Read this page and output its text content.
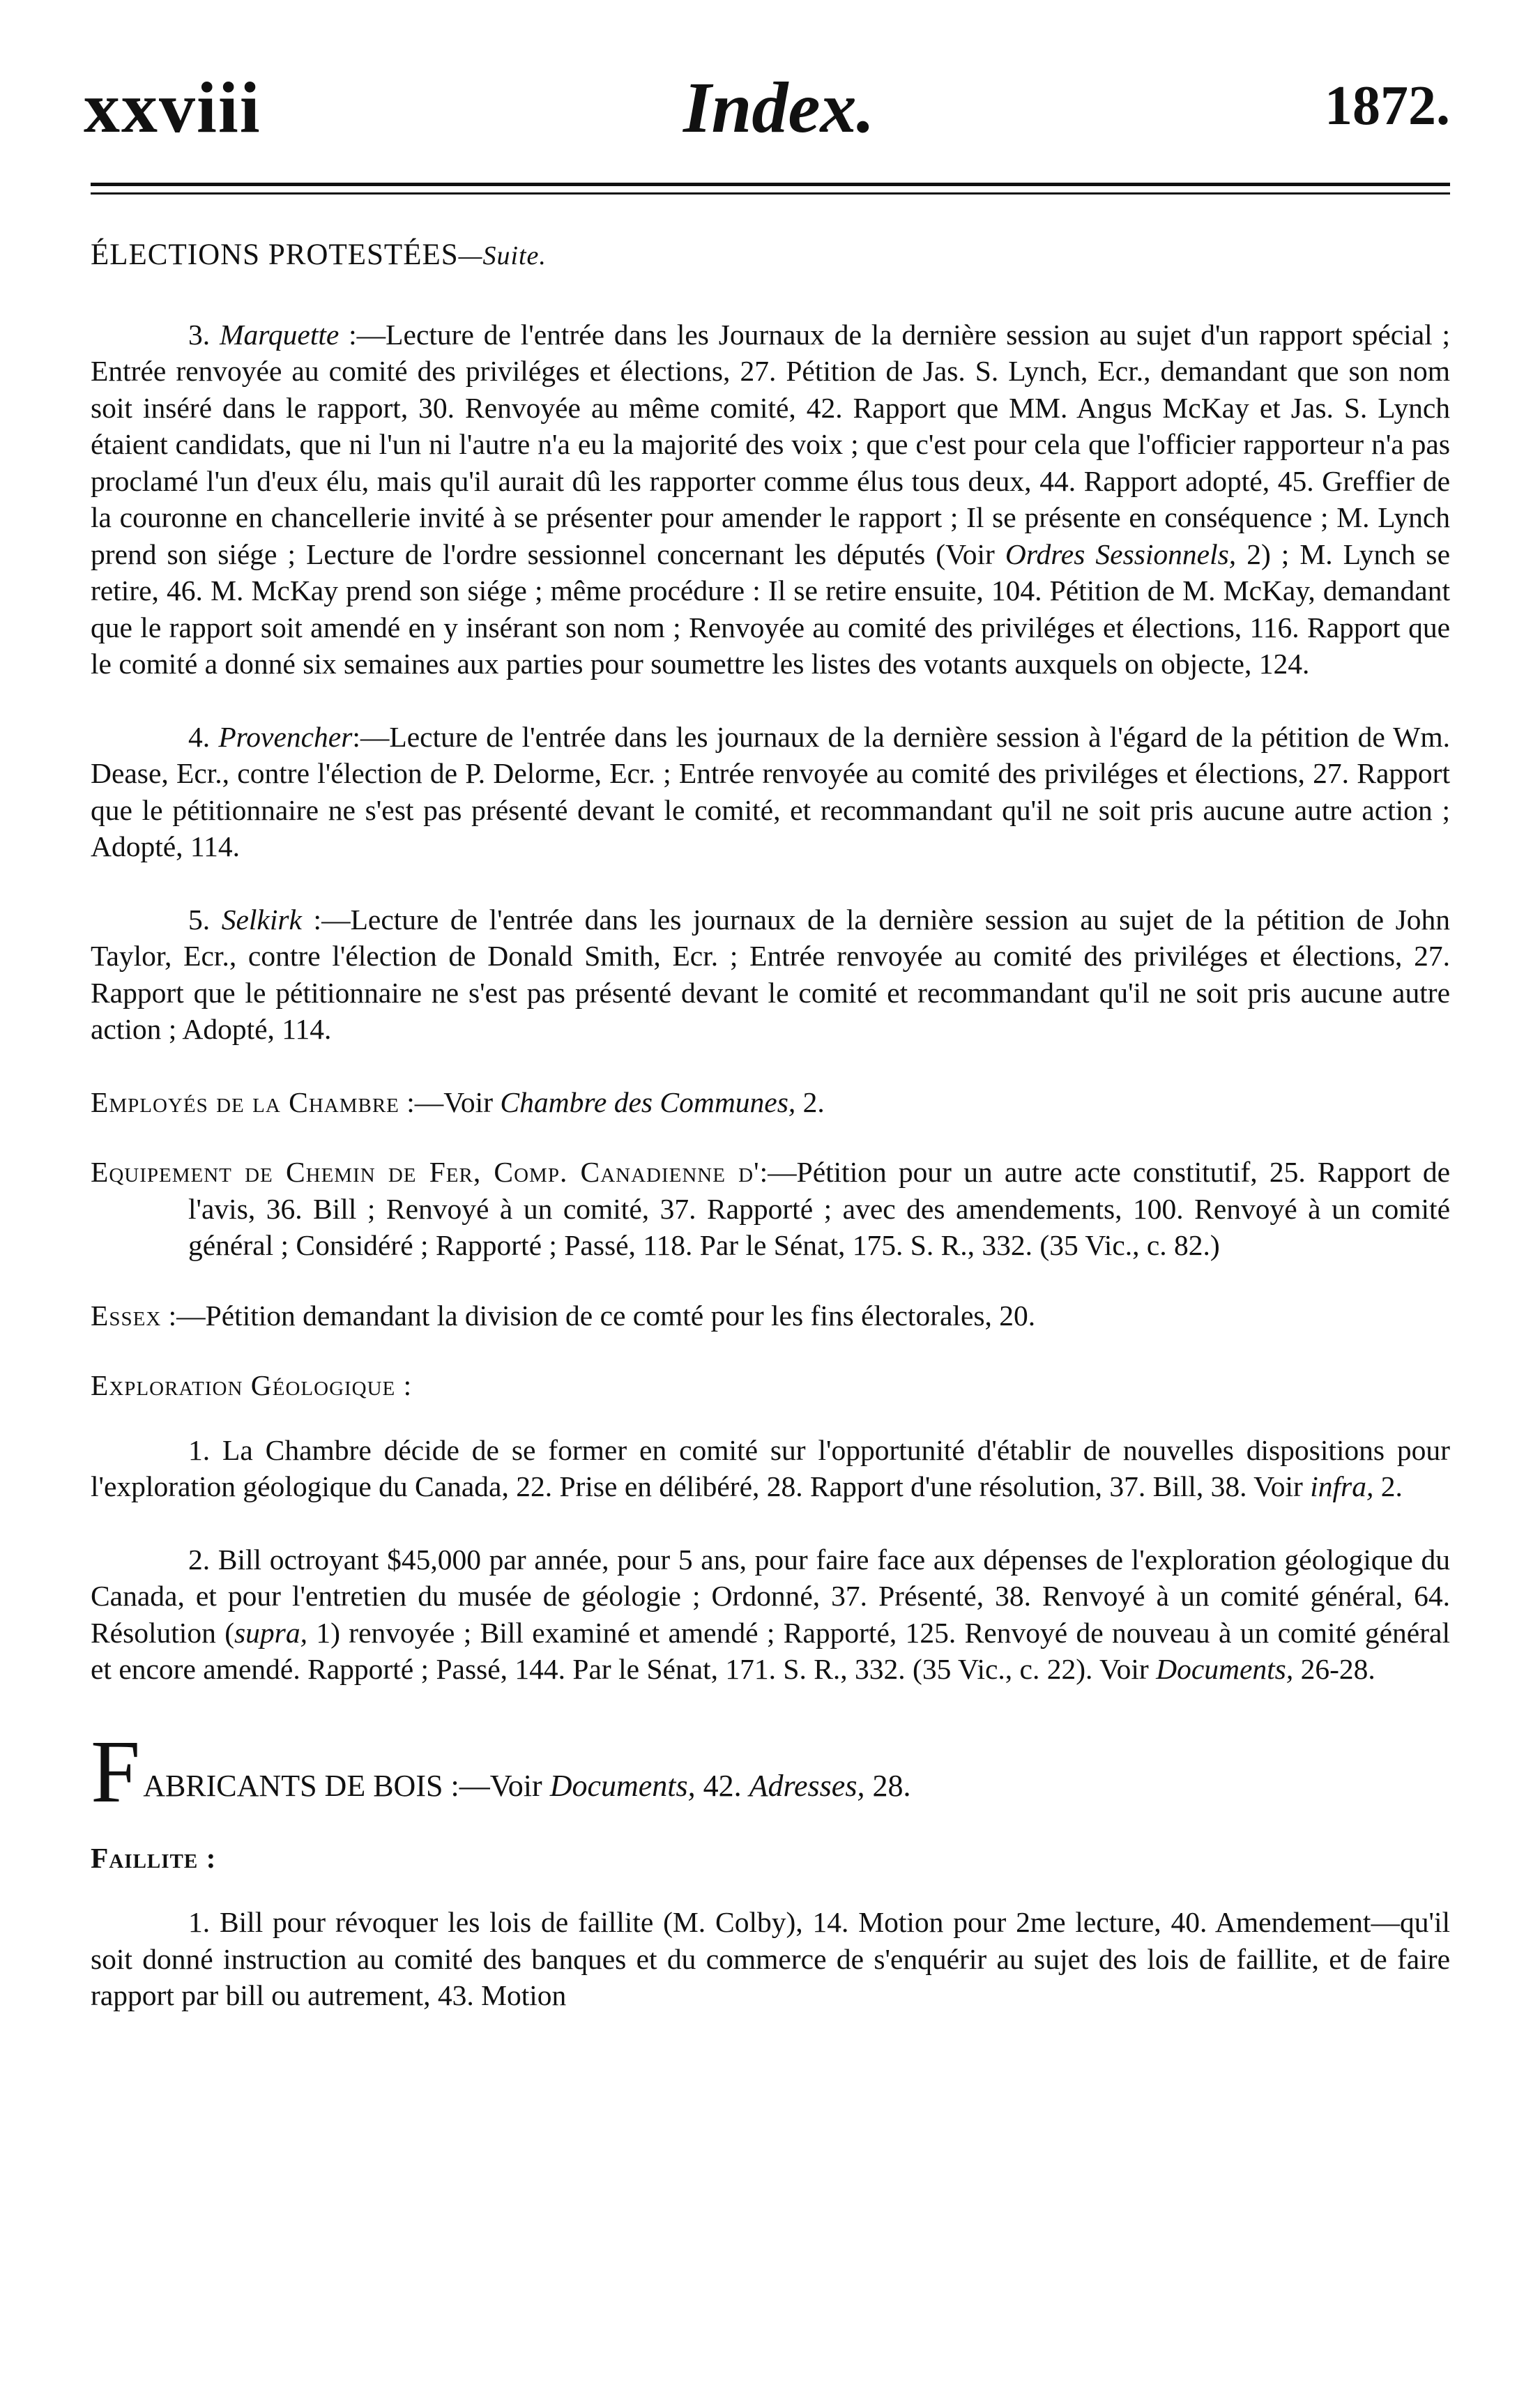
xxviii	Index.	1872.
ÉLECTIONS PROTESTÉES—Suite.

3. Marquette :—Lecture de l'entrée dans les Journaux de la dernière session au sujet d'un rapport spécial ; Entrée renvoyée au comité des priviléges et élections, 27. Pétition de Jas. S. Lynch, Ecr., demandant que son nom soit inséré dans le rapport, 30. Renvoyée au même comité, 42. Rapport que MM. Angus McKay et Jas. S. Lynch étaient candidats, que ni l'un ni l'autre n'a eu la majorité des voix ; que c'est pour cela que l'officier rapporteur n'a pas proclamé l'un d'eux élu, mais qu'il aurait dû les rapporter comme élus tous deux, 44. Rapport adopté, 45. Greffier de la couronne en chancellerie invité à se présenter pour amender le rapport ; Il se présente en conséquence ; M. Lynch prend son siége ; Lecture de l'ordre sessionnel concernant les députés (Voir Ordres Sessionnels, 2) ; M. Lynch se retire, 46. M. McKay prend son siége ; même procédure : Il se retire ensuite, 104. Pétition de M. McKay, demandant que le rapport soit amendé en y insérant son nom ; Renvoyée au comité des priviléges et élections, 116. Rapport que le comité a donné six semaines aux parties pour soumettre les listes des votants auxquels on objecte, 124.

4. Provencher:—Lecture de l'entrée dans les journaux de la dernière session à l'égard de la pétition de Wm. Dease, Ecr., contre l'élection de P. Delorme, Ecr. ; Entrée renvoyée au comité des priviléges et élections, 27. Rapport que le pétitionnaire ne s'est pas présenté devant le comité, et recommandant qu'il ne soit pris aucune autre action ; Adopté, 114.

5. Selkirk :—Lecture de l'entrée dans les journaux de la dernière session au sujet de la pétition de John Taylor, Ecr., contre l'élection de Donald Smith, Ecr. ; Entrée renvoyée au comité des priviléges et élections, 27. Rapport que le pétitionnaire ne s'est pas présenté devant le comité et recommandant qu'il ne soit pris aucune autre action ; Adopté, 114.

Employés de la Chambre :—Voir Chambre des Communes, 2.

Equipement de Chemin de Fer, Comp. Canadienne d':—Pétition pour un autre acte constitutif, 25. Rapport de l'avis, 36. Bill ; Renvoyé à un comité, 37. Rapporté ; avec des amendements, 100. Renvoyé à un comité général ; Considéré ; Rapporté ; Passé, 118. Par le Sénat, 175. S. R., 332. (35 Vic., c. 82.)

Essex :—Pétition demandant la division de ce comté pour les fins électorales, 20.

Exploration Géologique :

1. La Chambre décide de se former en comité sur l'opportunité d'établir de nouvelles dispositions pour l'exploration géologique du Canada, 22. Prise en délibéré, 28. Rapport d'une résolution, 37. Bill, 38. Voir infra, 2.

2. Bill octroyant $45,000 par année, pour 5 ans, pour faire face aux dépenses de l'exploration géologique du Canada, et pour l'entretien du musée de géologie ; Ordonné, 37. Présenté, 38. Renvoyé à un comité général, 64. Résolution (supra, 1) renvoyée ; Bill examiné et amendé ; Rapporté, 125. Renvoyé de nouveau à un comité général et encore amendé. Rapporté ; Passé, 144. Par le Sénat, 171. S. R., 332. (35 Vic., c. 22). Voir Documents, 26-28.

FABRICANTS DE BOIS :—Voir Documents, 42. Adresses, 28.

Faillite :

1. Bill pour révoquer les lois de faillite (M. Colby), 14. Motion pour 2me lecture, 40. Amendement—qu'il soit donné instruction au comité des banques et du commerce de s'enquérir au sujet des lois de faillite, et de faire rapport par bill ou autrement, 43. Motion
